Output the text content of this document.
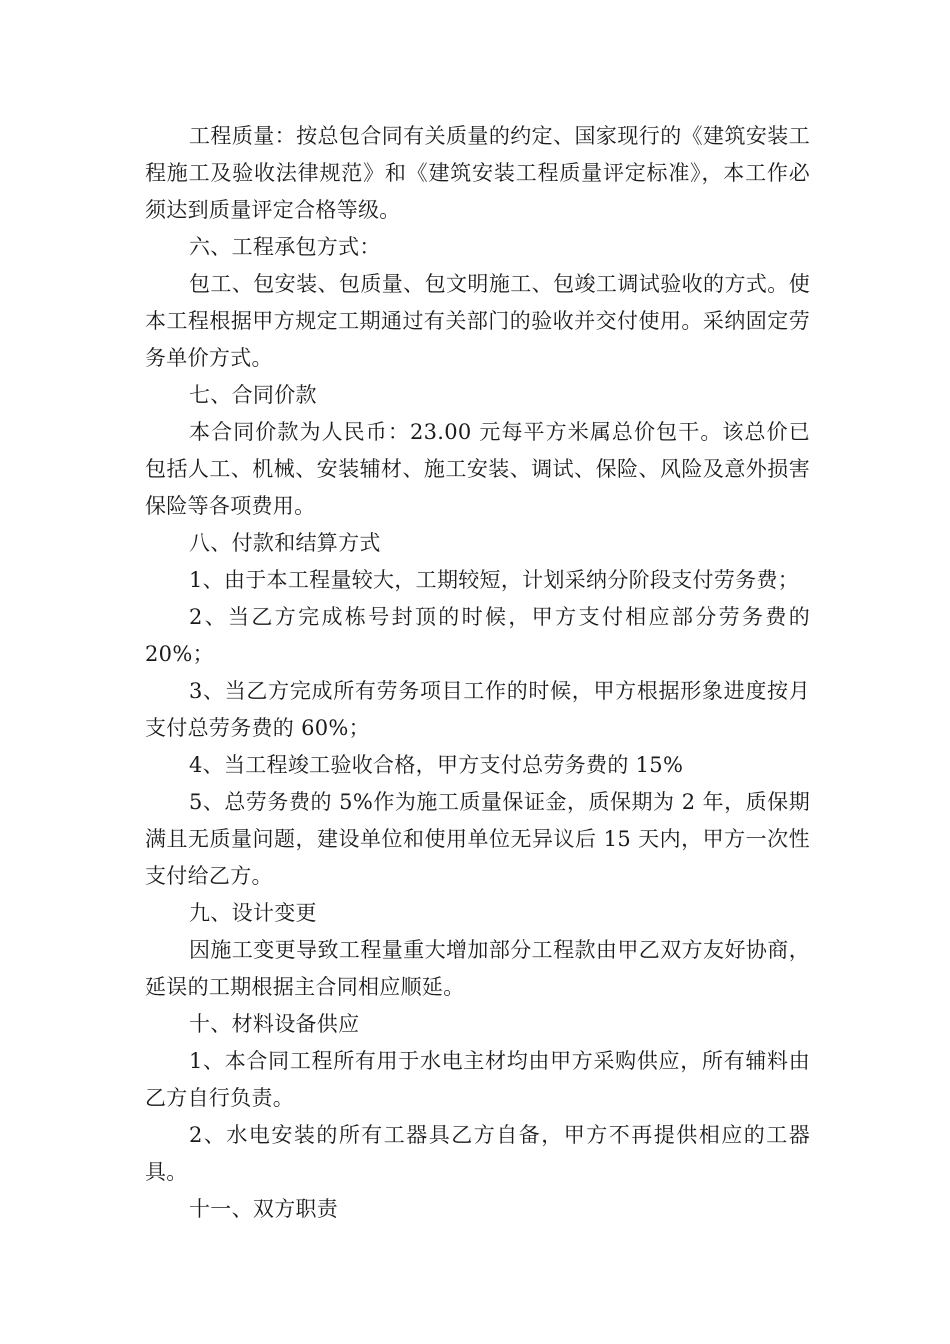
工程质量：按总包合同有关质量的约定、国家现行的《建筑安装工程施工及验收法律规范》和《建筑安装工程质量评定标准》，本工作必须达到质量评定合格等级。

六、工程承包方式：

包工、包安装、包质量、包文明施工、包竣工调试验收的方式。使本工程根据甲方规定工期通过有关部门的验收并交付使用。采纳固定劳务单价方式。

七、合同价款

本合同价款为人民币：23.00 元每平方米属总价包干。该总价已包括人工、机械、安装辅材、施工安装、调试、保险、风险及意外损害保险等各项费用。

八、付款和结算方式

1、由于本工程量较大，工期较短，计划采纳分阶段支付劳务费；

2、当乙方完成栋号封顶的时候，甲方支付相应部分劳务费的 20%；

3、当乙方完成所有劳务项目工作的时候，甲方根据形象进度按月支付总劳务费的 60%；

4、当工程竣工验收合格，甲方支付总劳务费的 15%

5、总劳务费的 5%作为施工质量保证金，质保期为 2 年，质保期满且无质量问题，建设单位和使用单位无异议后 15 天内，甲方一次性支付给乙方。

九、设计变更

因施工变更导致工程量重大增加部分工程款由甲乙双方友好协商，延误的工期根据主合同相应顺延。

十、材料设备供应

1、本合同工程所有用于水电主材均由甲方采购供应，所有辅料由乙方自行负责。

2、水电安装的所有工器具乙方自备，甲方不再提供相应的工器具。

十一、双方职责
